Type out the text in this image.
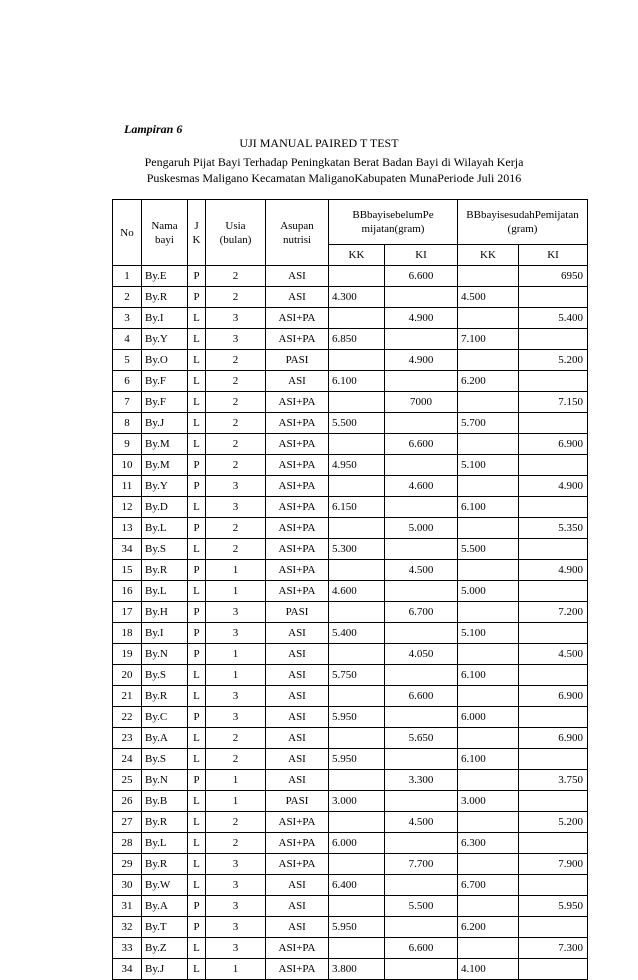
Lampiran 6
UJI MANUAL PAIRED T TEST
Pengaruh Pijat Bayi Terhadap Peningkatan Berat Badan Bayi di Wilayah Kerja
Puskesmas Maligano Kecamatan MaliganoKabupaten MunaPeriode Juli 2016
No	Nama bayi	J K	Usia (bulan)	Asupan nutrisi	BBbayisebelumPe mijatan(gram)		BBbayisesudahPemijatan (gram)	
					KK	KI	KK	KI
1	By.E	P	2	ASI		6.600		6950
2	By.R	P	2	ASI	4.300		4.500	
3	By.I	L	3	ASI+PA		4.900		5.400
4	By.Y	L	3	ASI+PA	6.850		7.100	
5	By.O	L	2	PASI		4.900		5.200
6	By.F	L	2	ASI	6.100		6.200	
7	By.F	L	2	ASI+PA		7000		7.150
8	By.J	L	2	ASI+PA	5.500		5.700	
9	By.M	L	2	ASI+PA		6.600		6.900
10	By.M	P	2	ASI+PA	4.950		5.100	
11	By.Y	P	3	ASI+PA		4.600		4.900
12	By.D	L	3	ASI+PA	6.150		6.100	
13	By.L	P	2	ASI+PA		5.000		5.350
34	By.S	L	2	ASI+PA	5.300		5.500	
15	By.R	P	1	ASI+PA		4.500		4.900
16	By.L	L	1	ASI+PA	4.600		5.000	
17	By.H	P	3	PASI		6.700		7.200
18	By.I	P	3	ASI	5.400		5.100	
19	By.N	P	1	ASI		4.050		4.500
20	By.S	L	1	ASI	5.750		6.100	
21	By.R	L	3	ASI		6.600		6.900
22	By.C	P	3	ASI	5.950		6.000	
23	By.A	L	2	ASI		5.650		6.900
24	By.S	L	2	ASI	5.950		6.100	
25	By.N	P	1	ASI		3.300		3.750
26	By.B	L	1	PASI	3.000		3.000	
27	By.R	L	2	ASI+PA		4.500		5.200
28	By.L	L	2	ASI+PA	6.000		6.300	
29	By.R	L	3	ASI+PA		7.700		7.900
30	By.W	L	3	ASI	6.400		6.700	
31	By.A	P	3	ASI		5.500		5.950
32	By.T	P	3	ASI	5.950		6.200	
33	By.Z	L	3	ASI+PA		6.600		7.300
34	By.J	L	1	ASI+PA	3.800		4.100	
